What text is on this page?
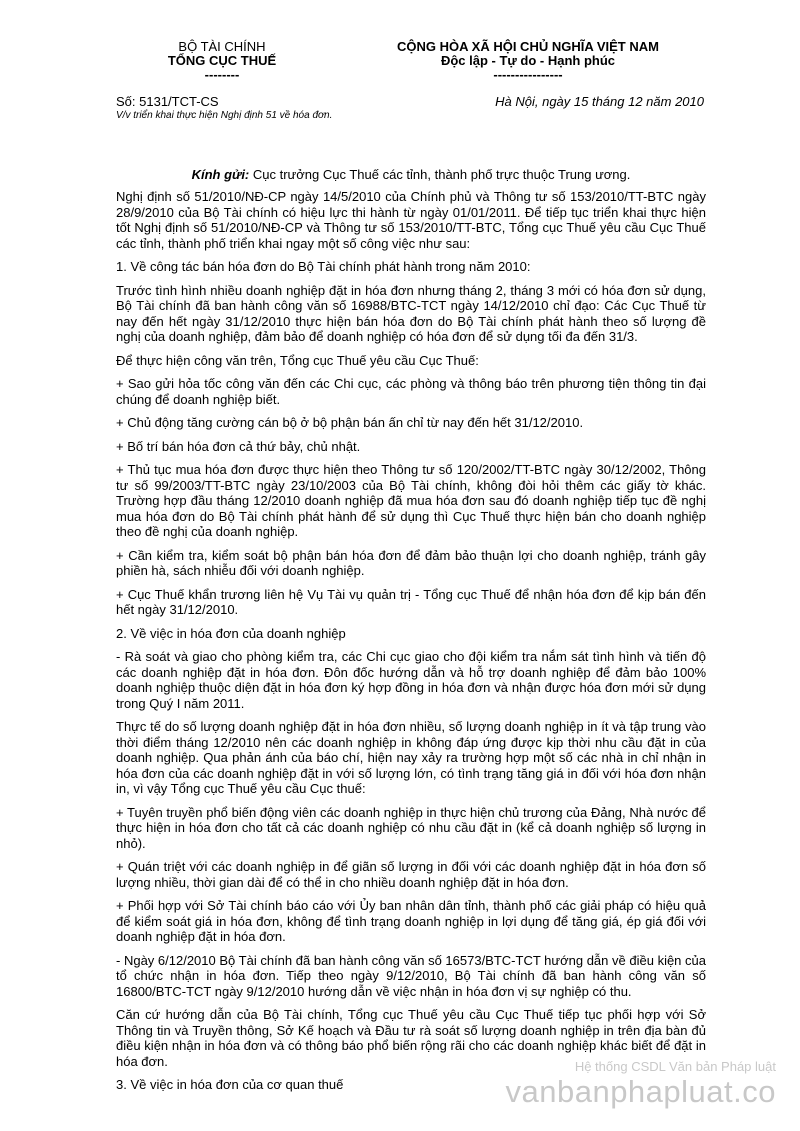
BỘ TÀI CHÍNH
TỔNG CỤC THUẾ
--------
CỘNG HÒA XÃ HỘI CHỦ NGHĨA VIỆT NAM
Độc lập - Tự do - Hạnh phúc
----------------
Số: 5131/TCT-CS
V/v triển khai thực hiện Nghị định 51 về hóa đơn.
Hà Nội, ngày 15 tháng 12 năm 2010
Kính gửi: Cục trưởng Cục Thuế các tỉnh, thành phố trực thuộc Trung ương.

Nghị định số 51/2010/NĐ-CP ngày 14/5/2010 của Chính phủ và Thông tư số 153/2010/TT-BTC ngày 28/9/2010 của Bộ Tài chính có hiệu lực thi hành từ ngày 01/01/2011. Để tiếp tục triển khai thực hiện tốt Nghị định số 51/2010/NĐ-CP và Thông tư số 153/2010/TT-BTC, Tổng cục Thuế yêu cầu Cục Thuế các tỉnh, thành phố triển khai ngay một số công việc như sau:

1. Về công tác bán hóa đơn do Bộ Tài chính phát hành trong năm 2010:

Trước tình hình nhiều doanh nghiệp đặt in hóa đơn nhưng tháng 2, tháng 3 mới có hóa đơn sử dụng, Bộ Tài chính đã ban hành công văn số 16988/BTC-TCT ngày 14/12/2010 chỉ đạo: Các Cục Thuế từ nay đến hết ngày 31/12/2010 thực hiện bán hóa đơn do Bộ Tài chính phát hành theo số lượng đề nghị của doanh nghiệp, đảm bảo để doanh nghiệp có hóa đơn để sử dụng tối đa đến 31/3.

Để thực hiện công văn trên, Tổng cục Thuế yêu cầu Cục Thuế:

+ Sao gửi hỏa tốc công văn đến các Chi cục, các phòng và thông báo trên phương tiện thông tin đại chúng để doanh nghiệp biết.

+ Chủ động tăng cường cán bộ ở bộ phận bán ấn chỉ từ nay đến hết 31/12/2010.

+ Bố trí bán hóa đơn cả thứ bảy, chủ nhật.

+ Thủ tục mua hóa đơn được thực hiện theo Thông tư số 120/2002/TT-BTC ngày 30/12/2002, Thông tư số 99/2003/TT-BTC ngày 23/10/2003 của Bộ Tài chính, không đòi hỏi thêm các giấy tờ khác. Trường hợp đầu tháng 12/2010 doanh nghiệp đã mua hóa đơn sau đó doanh nghiệp tiếp tục đề nghị mua hóa đơn do Bộ Tài chính phát hành để sử dụng thì Cục Thuế thực hiện bán cho doanh nghiệp theo đề nghị của doanh nghiệp.

+ Cần kiểm tra, kiểm soát bộ phận bán hóa đơn để đảm bảo thuận lợi cho doanh nghiệp, tránh gây phiền hà, sách nhiễu đối với doanh nghiệp.

+ Cục Thuế khẩn trương liên hệ Vụ Tài vụ quản trị - Tổng cục Thuế để nhận hóa đơn để kịp bán đến hết ngày 31/12/2010.

2. Về việc in hóa đơn của doanh nghiệp

- Rà soát và giao cho phòng kiểm tra, các Chi cục giao cho đội kiểm tra nắm sát tình hình và tiến độ các doanh nghiệp đặt in hóa đơn. Đôn đốc hướng dẫn và hỗ trợ doanh nghiệp để đảm bảo 100% doanh nghiệp thuộc diện đặt in hóa đơn ký hợp đồng in hóa đơn và nhận được hóa đơn mới sử dụng trong Quý I năm 2011.

Thực tế do số lượng doanh nghiệp đặt in hóa đơn nhiều, số lượng doanh nghiệp in ít và tập trung vào thời điểm tháng 12/2010 nên các doanh nghiệp in không đáp ứng được kịp thời nhu cầu đặt in của doanh nghiệp. Qua phản ánh của báo chí, hiện nay xảy ra trường hợp một số các nhà in chỉ nhận in hóa đơn của các doanh nghiệp đặt in với số lượng lớn, có tình trạng tăng giá in đối với hóa đơn nhận in, vì vậy Tổng cục Thuế yêu cầu Cục thuế:

+ Tuyên truyền phổ biến động viên các doanh nghiệp in thực hiện chủ trương của Đảng, Nhà nước để thực hiện in hóa đơn cho tất cả các doanh nghiệp có nhu cầu đặt in (kể cả doanh nghiệp số lượng in nhỏ).

+ Quán triệt với các doanh nghiệp in để giãn số lượng in đối với các doanh nghiệp đặt in hóa đơn số lượng nhiều, thời gian dài để có thể in cho nhiều doanh nghiệp đặt in hóa đơn.

+ Phối hợp với Sở Tài chính báo cáo với Ủy ban nhân dân tỉnh, thành phố các giải pháp có hiệu quả để kiểm soát giá in hóa đơn, không để tình trạng doanh nghiệp in lợi dụng để tăng giá, ép giá đối với doanh nghiệp đặt in hóa đơn.

- Ngày 6/12/2010 Bộ Tài chính đã ban hành công văn số 16573/BTC-TCT hướng dẫn về điều kiện của tổ chức nhận in hóa đơn. Tiếp theo ngày 9/12/2010, Bộ Tài chính đã ban hành công văn số 16800/BTC-TCT ngày 9/12/2010 hướng dẫn về việc nhận in hóa đơn vị sự nghiệp có thu.

Căn cứ hướng dẫn của Bộ Tài chính, Tổng cục Thuế yêu cầu Cục Thuế tiếp tục phối hợp với Sở Thông tin và Truyền thông, Sở Kế hoạch và Đầu tư rà soát số lượng doanh nghiệp in trên địa bàn đủ điều kiện nhận in hóa đơn và có thông báo phổ biến rộng rãi cho các doanh nghiệp khác biết để đặt in hóa đơn.

3. Về việc in hóa đơn của cơ quan thuế

Hệ thống CSDL Văn bản Pháp luật
vanbanphapluat.co
